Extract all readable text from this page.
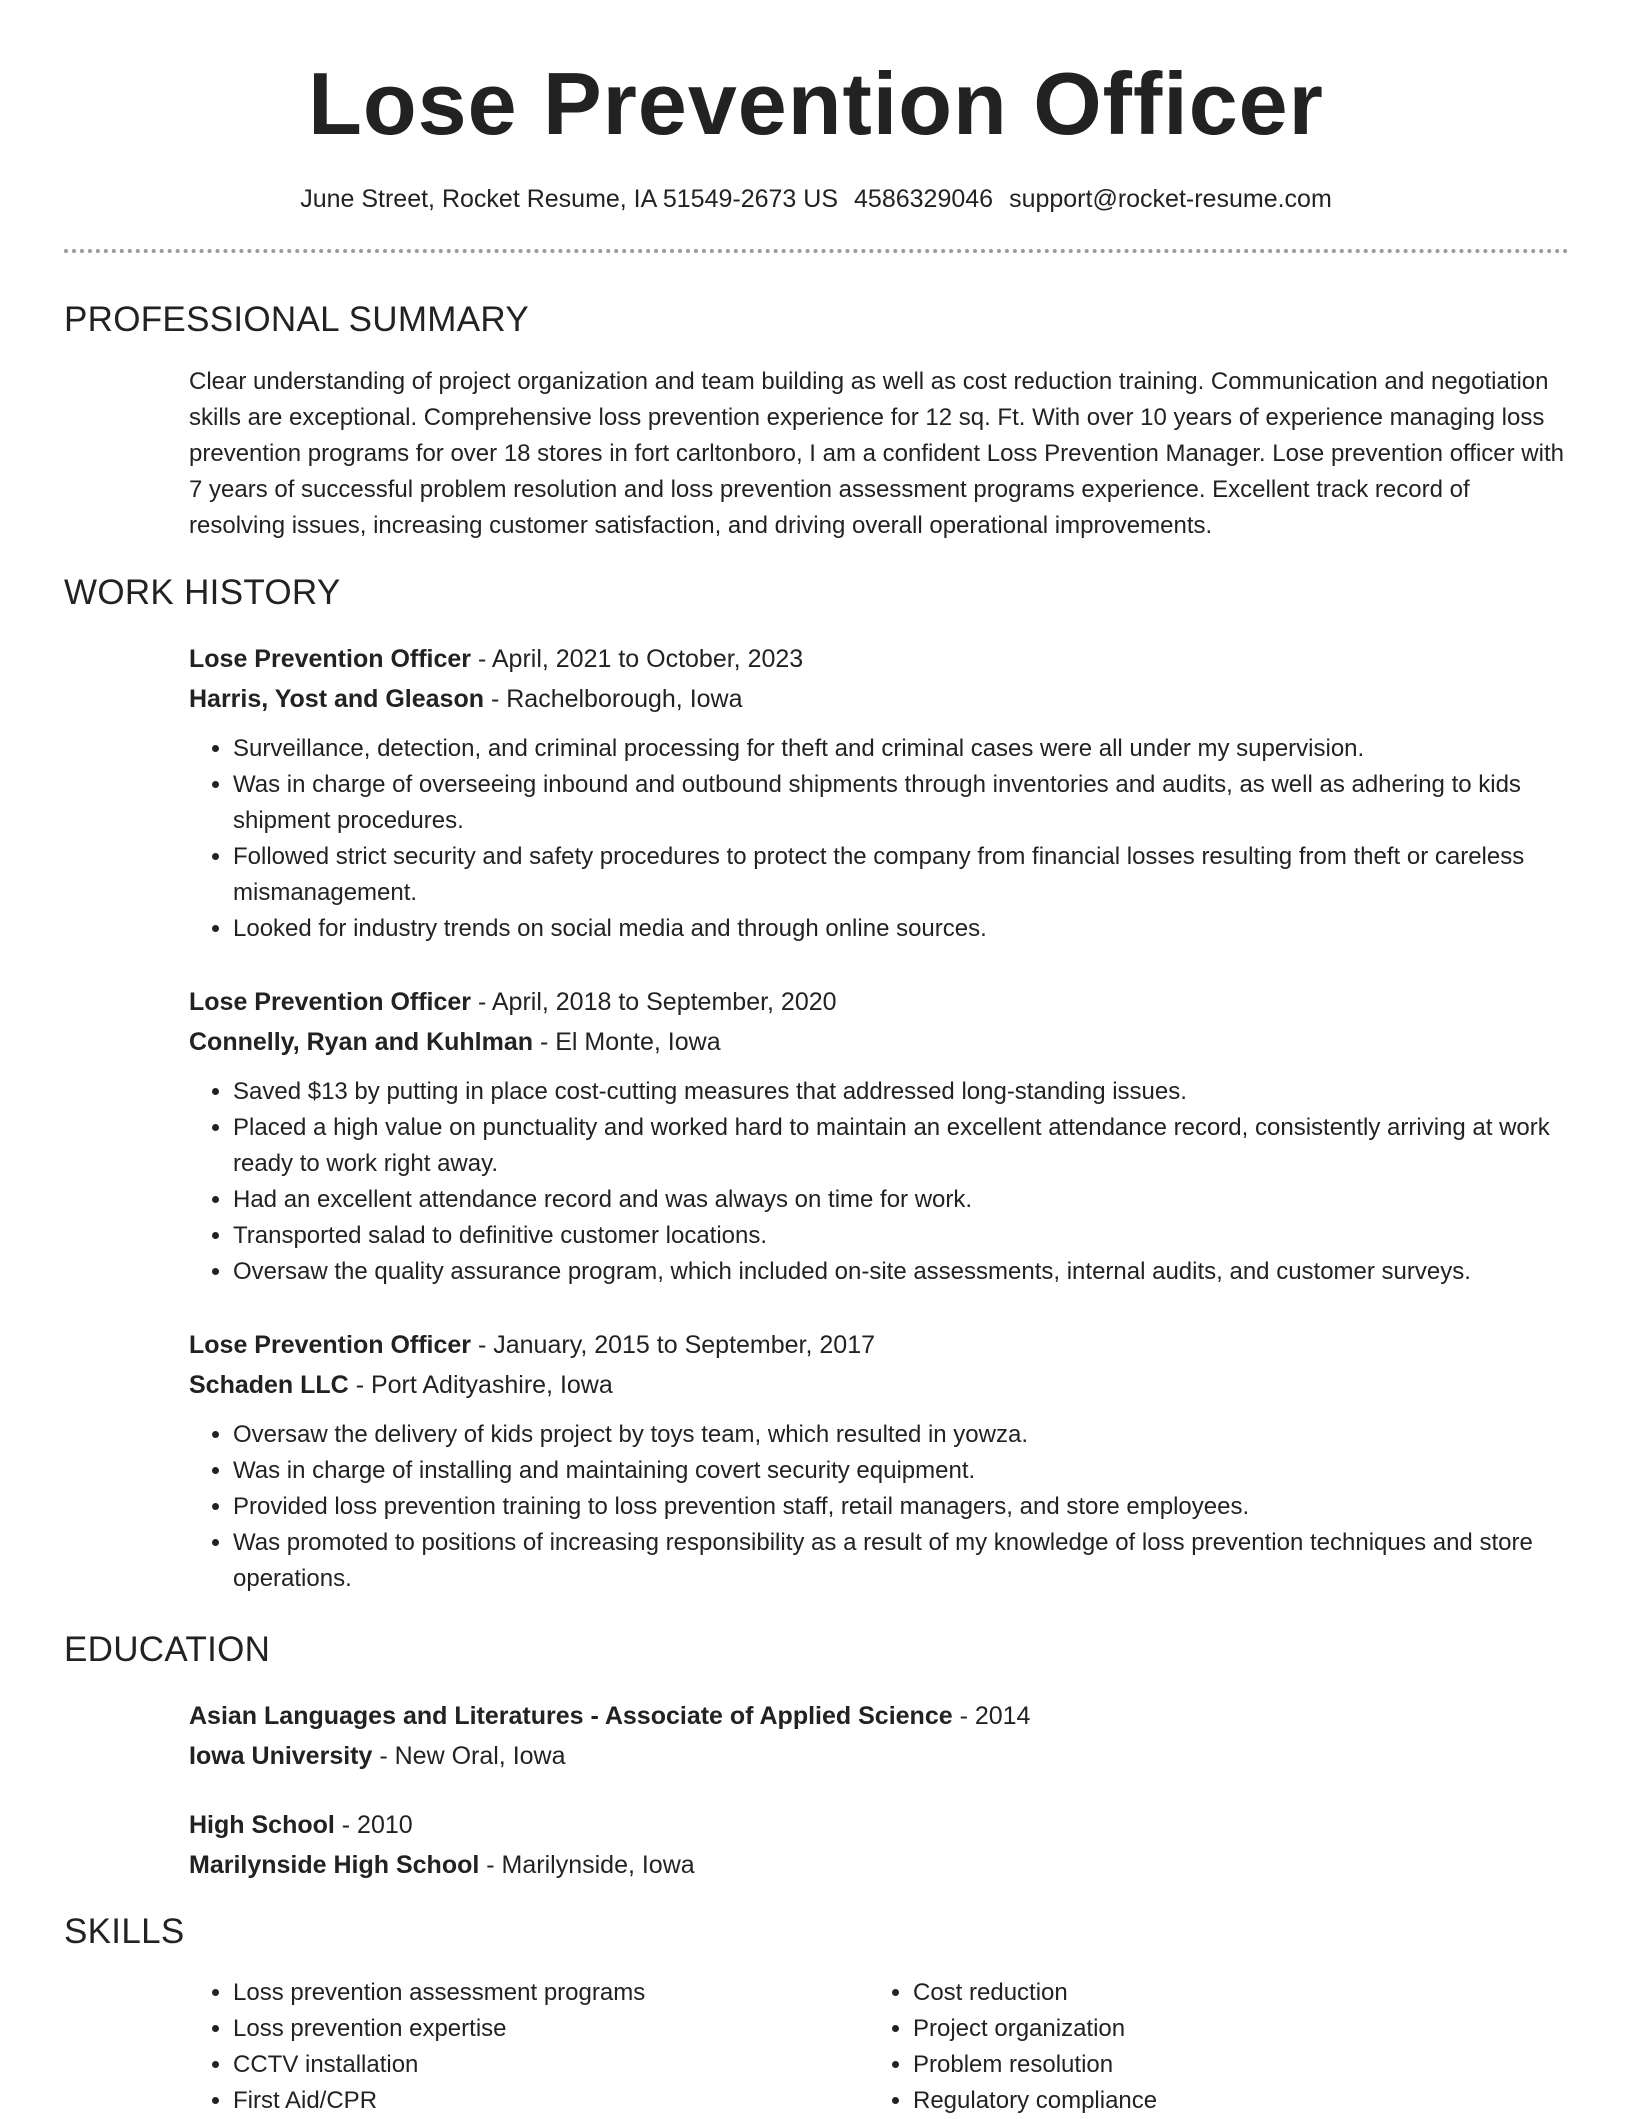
Lose Prevention Officer
June Street, Rocket Resume, IA 51549-2673 US 4586329046 support@rocket-resume.com
PROFESSIONAL SUMMARY
Clear understanding of project organization and team building as well as cost reduction training. Communication and negotiation skills are exceptional. Comprehensive loss prevention experience for 12 sq. Ft. With over 10 years of experience managing loss prevention programs for over 18 stores in fort carltonboro, I am a confident Loss Prevention Manager. Lose prevention officer with 7 years of successful problem resolution and loss prevention assessment programs experience. Excellent track record of resolving issues, increasing customer satisfaction, and driving overall operational improvements.
WORK HISTORY
Lose Prevention Officer - April, 2021 to October, 2023
Harris, Yost and Gleason - Rachelborough, Iowa
• Surveillance, detection, and criminal processing for theft and criminal cases were all under my supervision.
• Was in charge of overseeing inbound and outbound shipments through inventories and audits, as well as adhering to kids shipment procedures.
• Followed strict security and safety procedures to protect the company from financial losses resulting from theft or careless mismanagement.
• Looked for industry trends on social media and through online sources.
Lose Prevention Officer - April, 2018 to September, 2020
Connelly, Ryan and Kuhlman - El Monte, Iowa
• Saved $13 by putting in place cost-cutting measures that addressed long-standing issues.
• Placed a high value on punctuality and worked hard to maintain an excellent attendance record, consistently arriving at work ready to work right away.
• Had an excellent attendance record and was always on time for work.
• Transported salad to definitive customer locations.
• Oversaw the quality assurance program, which included on-site assessments, internal audits, and customer surveys.
Lose Prevention Officer - January, 2015 to September, 2017
Schaden LLC - Port Adityashire, Iowa
• Oversaw the delivery of kids project by toys team, which resulted in yowza.
• Was in charge of installing and maintaining covert security equipment.
• Provided loss prevention training to loss prevention staff, retail managers, and store employees.
• Was promoted to positions of increasing responsibility as a result of my knowledge of loss prevention techniques and store operations.
EDUCATION
Asian Languages and Literatures - Associate of Applied Science - 2014
Iowa University - New Oral, Iowa
High School - 2010
Marilynside High School - Marilynside, Iowa
SKILLS
• Loss prevention assessment programs
• Loss prevention expertise
• CCTV installation
• First Aid/CPR
• Cost reduction
• Project organization
• Problem resolution
• Regulatory compliance
